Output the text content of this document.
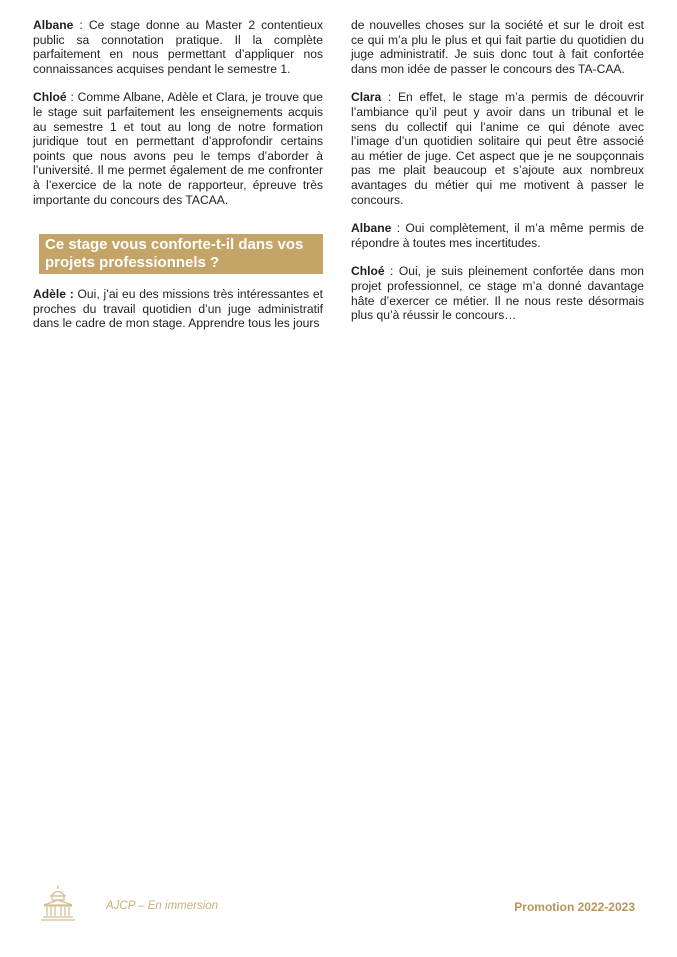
Albane : Ce stage donne au Master 2 contentieux public sa connotation pratique. Il la complète parfaitement en nous permettant d’appliquer nos connaissances acquises pendant le semestre 1.

Chloé : Comme Albane, Adèle et Clara, je trouve que le stage suit parfaitement les enseignements acquis au semestre 1 et tout au long de notre formation juridique tout en permettant d’approfondir certains points que nous avons peu le temps d’aborder à l’université. Il me permet également de me confronter à l’exercice de la note de rapporteur, épreuve très importante du concours des TACAA.

Ce stage vous conforte-t-il dans vos projets professionnels ?

Adèle : Oui, j’ai eu des missions très intéressantes et proches du travail quotidien d’un juge administratif dans le cadre de mon stage. Apprendre tous les jours

de nouvelles choses sur la société et sur le droit est ce qui m’a plu le plus et qui fait partie du quotidien du juge administratif. Je suis donc tout à fait confortée dans mon idée de passer le concours des TA-CAA.

Clara : En effet, le stage m’a permis de découvrir l’ambiance qu’il peut y avoir dans un tribunal et le sens du collectif qui l’anime ce qui dénote avec l’image d’un quotidien solitaire qui peut être associé au métier de juge. Cet aspect que je ne soupçonnais pas me plait beaucoup et s’ajoute aux nombreux avantages du métier qui me motivent à passer le concours.

Albane : Oui complètement, il m’a même permis de répondre à toutes mes incertitudes.

Chloé : Oui, je suis pleinement confortée dans mon projet professionnel, ce stage m’a donné davantage hâte d’exercer ce métier. Il ne nous reste désormais plus qu’à réussir le concours…

AJCP – En immersion	Promotion 2022-2023
